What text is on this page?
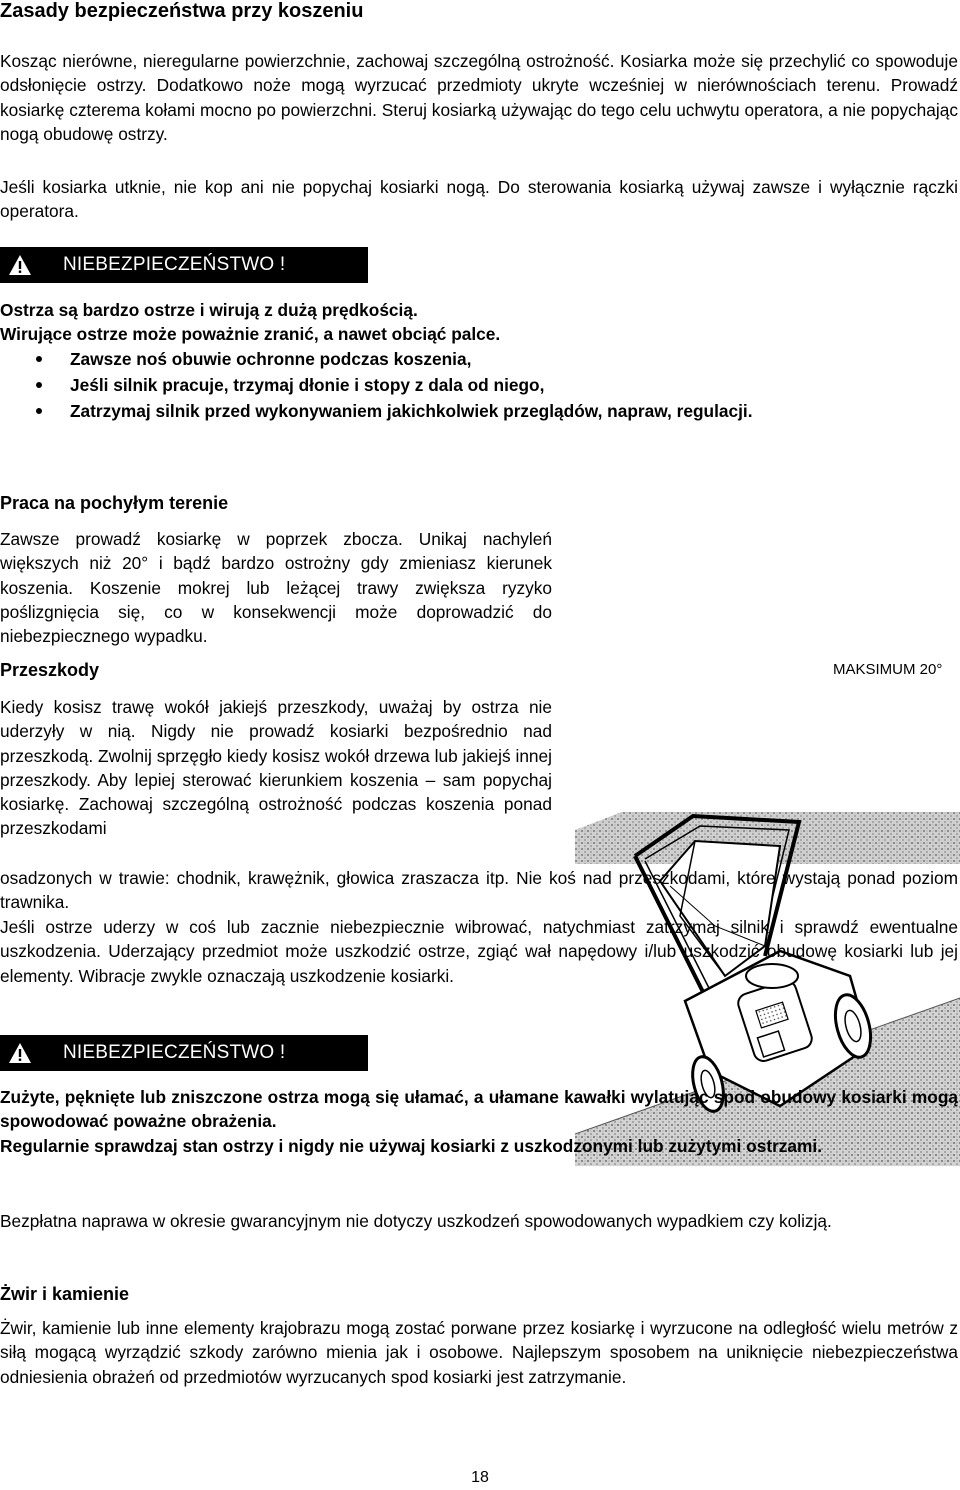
Zasady bezpieczeństwa przy koszeniu

Kosząc nierówne, nieregularne powierzchnie, zachowaj szczególną ostrożność. Kosiarka może się przechylić co spowoduje odsłonięcie ostrzy. Dodatkowo noże mogą wyrzucać przedmioty ukryte wcześniej w nierównościach terenu. Prowadź kosiarkę czterema kołami mocno po powierzchni. Steruj kosiarką używając do tego celu uchwytu operatora, a nie popychając nogą obudowę ostrzy.

Jeśli kosiarka utknie, nie kop ani nie popychaj kosiarki nogą. Do sterowania kosiarką używaj zawsze i wyłącznie rączki operatora.

NIEBEZPIECZEŃSTWO !

Ostrza są bardzo ostrze i wirują z dużą prędkością.

Wirujące ostrze może poważnie zranić, a nawet obciąć palce.

Zawsze noś obuwie ochronne podczas koszenia,
Jeśli silnik pracuje, trzymaj dłonie i stopy z dala od niego,
Zatrzymaj silnik przed wykonywaniem jakichkolwiek przeglądów, napraw, regulacji.

Praca na pochyłym terenie

Zawsze prowadź kosiarkę w poprzek zbocza. Unikaj nachyleń większych niż 20° i bądź bardzo ostrożny gdy zmieniasz kierunek koszenia. Koszenie mokrej lub leżącej trawy zwiększa ryzyko poślizgnięcia się, co w konsekwencji może doprowadzić do niebezpiecznego wypadku.

Przeszkody

Kiedy kosisz trawę wokół jakiejś przeszkody, uważaj by ostrza nie uderzyły w nią. Nigdy nie prowadź kosiarki bezpośrednio nad przeszkodą. Zwolnij sprzęgło kiedy kosisz wokół drzewa lub jakiejś innej przeszkody. Aby lepiej sterować kierunkiem koszenia – sam popychaj kosiarkę. Zachowaj szczególną ostrożność podczas koszenia ponad przeszkodami

MAKSIMUM 20°

osadzonych w trawie: chodnik, krawężnik, głowica zraszacza itp. Nie koś nad przeszkodami, które wystają ponad poziom trawnika.

Jeśli ostrze uderzy w coś lub zacznie niebezpiecznie wibrować, natychmiast zatrzymaj silnik i sprawdź ewentualne uszkodzenia. Uderzający przedmiot może uszkodzić ostrze, zgiąć wał napędowy i/lub uszkodzić obudowę kosiarki lub jej elementy. Wibracje zwykle oznaczają uszkodzenie kosiarki.

NIEBEZPIECZEŃSTWO !

Zużyte, pęknięte lub zniszczone ostrza mogą się ułamać, a ułamane kawałki wylatując spod obudowy kosiarki mogą spowodować poważne obrażenia.

Regularnie sprawdzaj stan ostrzy i nigdy nie używaj kosiarki z uszkodzonymi lub zużytymi ostrzami.

Bezpłatna naprawa w okresie gwarancyjnym nie dotyczy uszkodzeń spowodowanych wypadkiem czy kolizją.

Żwir i kamienie

Żwir, kamienie lub inne elementy krajobrazu mogą zostać porwane przez kosiarkę i wyrzucone na odległość wielu metrów z siłą mogącą wyrządzić szkody zarówno mienia jak i osobowe. Najlepszym sposobem na uniknięcie niebezpieczeństwa odniesienia obrażeń od przedmiotów wyrzucanych spod kosiarki jest zatrzymanie.

18
